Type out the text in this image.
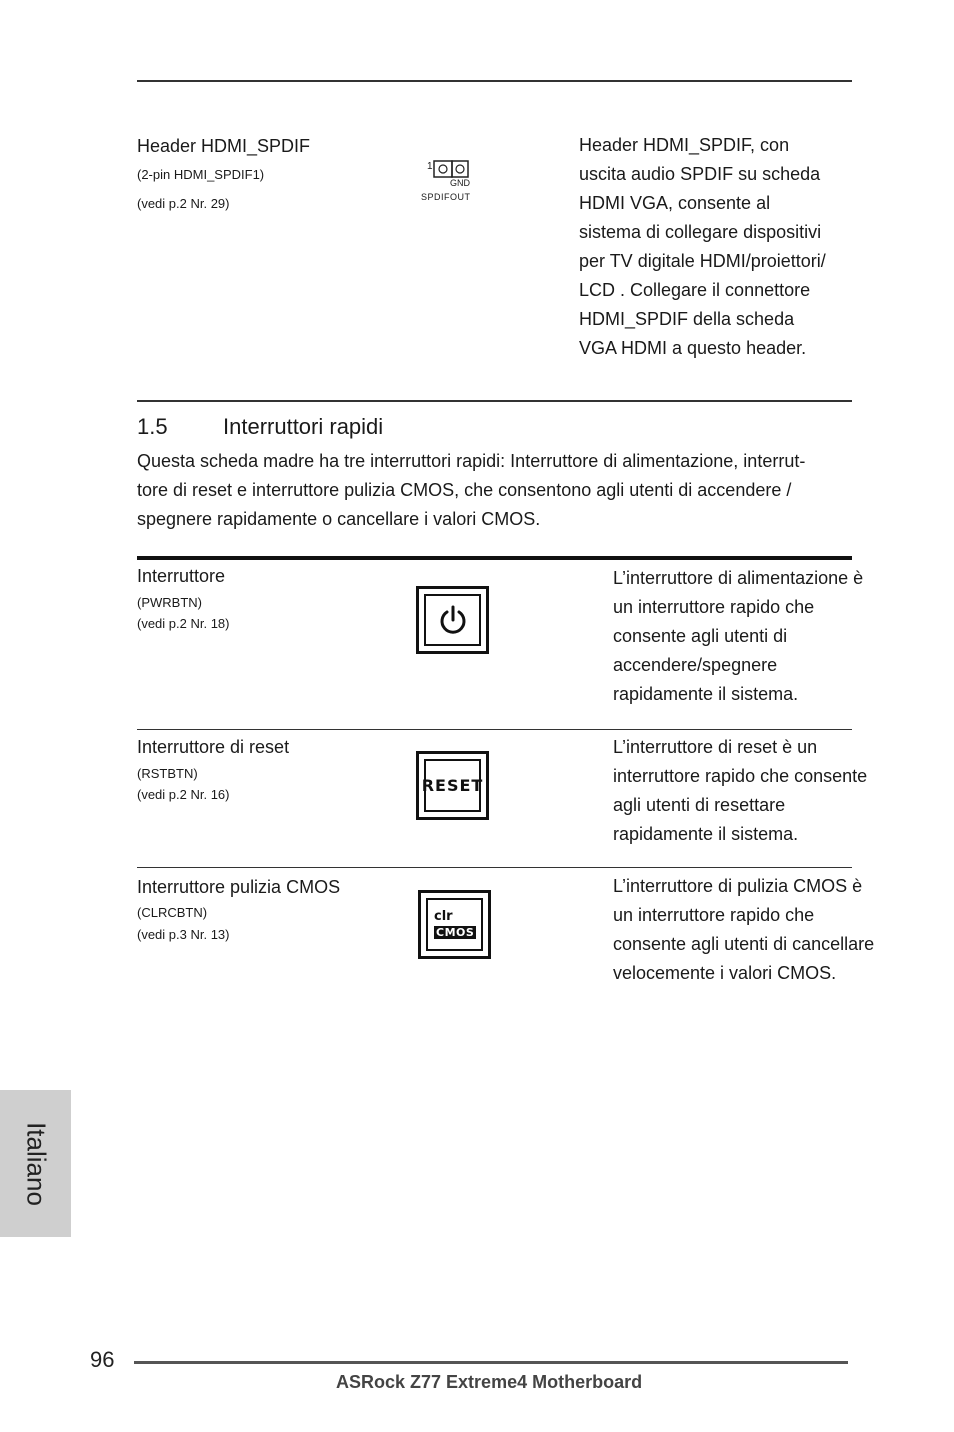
Header HDMI_SPDIF
(2-pin HDMI_SPDIF1)
(vedi p.2 Nr. 29)
1
GND
SPDIFOUT
Header HDMI_SPDIF, con
uscita audio SPDIF su scheda
HDMI VGA, consente al
sistema di collegare dispositivi
per TV digitale HDMI/proiettori/
LCD . Collegare il connettore
HDMI_SPDIF della scheda
VGA HDMI a questo header.
1.5	Interruttori rapidi
Questa scheda madre ha tre interruttori rapidi: Interruttore di alimentazione, interrut-
tore di reset e interruttore pulizia CMOS, che consentono agli utenti di accendere /
spegnere rapidamente o cancellare i valori CMOS.
Interruttore
(PWRBTN)
(vedi p.2 Nr. 18)
L’interruttore di alimentazione è
un interruttore rapido che
consente agli utenti di
accendere/spegnere
rapidamente il sistema.
Interruttore di reset
(RSTBTN)
(vedi p.2 Nr. 16)	RESET
L’interruttore di reset è un
interruttore rapido che consente
agli utenti di resettare
rapidamente il sistema.
Interruttore pulizia CMOS
(CLRCBTN)
(vedi p.3 Nr. 13)
clr
CMOS
L’interruttore di pulizia CMOS è
un interruttore rapido che
consente agli utenti di cancellare
velocemente i valori CMOS.
Italiano
96
ASRock Z77 Extreme4 Motherboard
